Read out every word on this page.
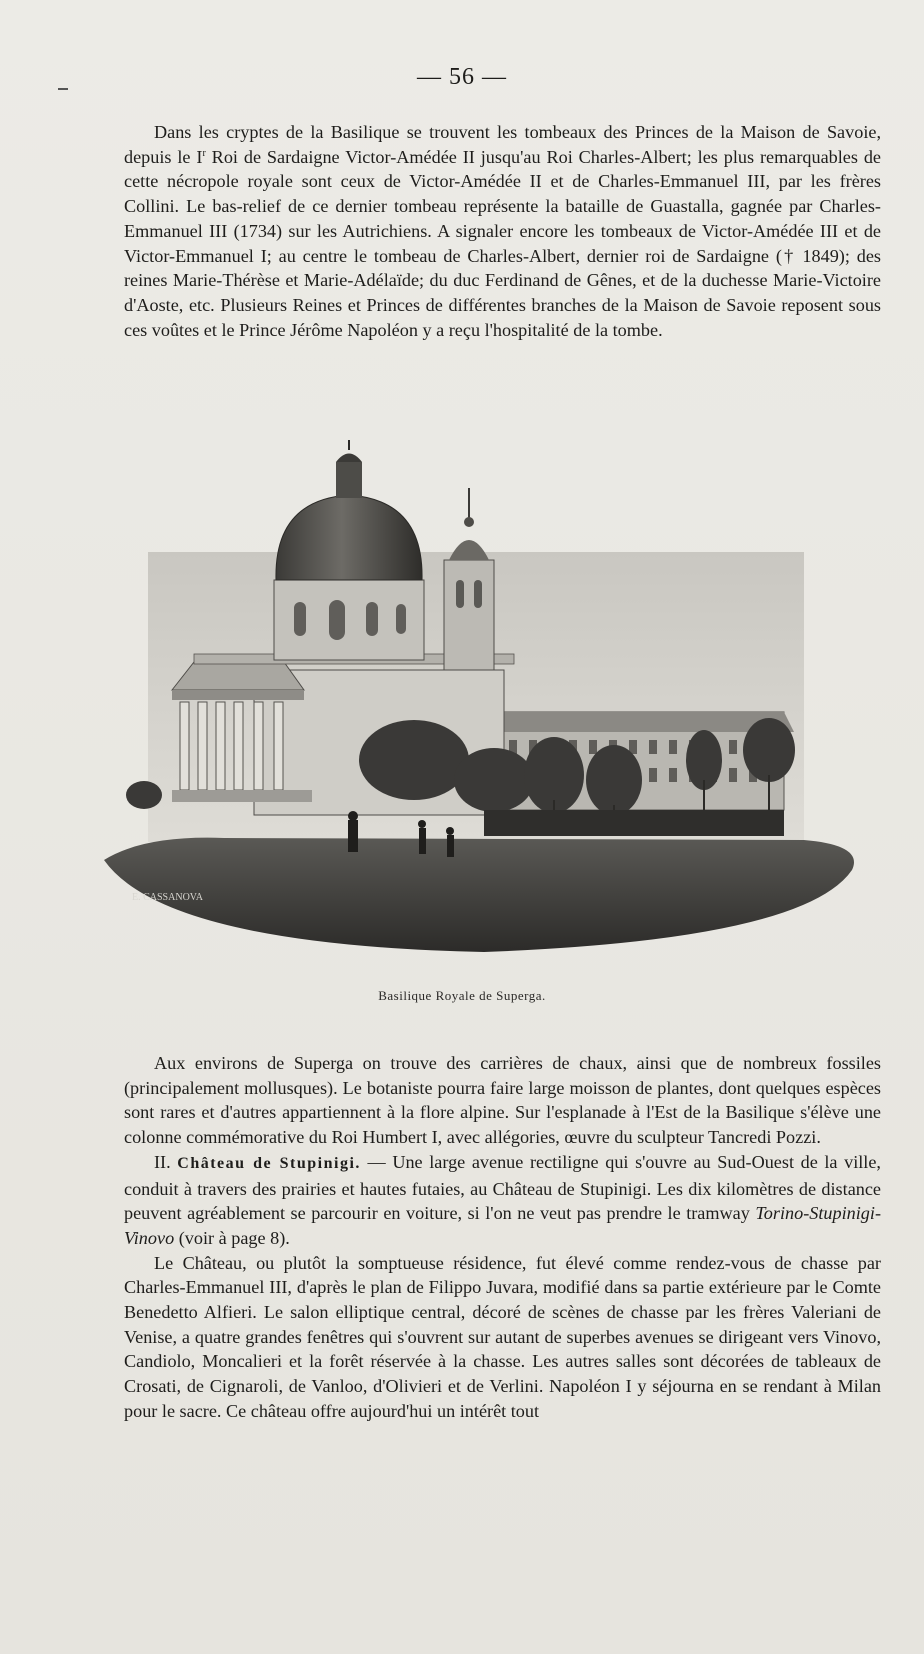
— 56 —

Dans les cryptes de la Basilique se trouvent les tombeaux des Princes de la Maison de Savoie, depuis le $I^r$ Roi de Sardaigne Victor-Amédée II jusqu'au Roi Charles-Albert; les plus remarquables de cette nécropole royale sont ceux de Victor-Amédée II et de Charles-Emmanuel III, par les frères Collini. Le bas-relief de ce dernier tombeau représente la bataille de Guastalla, gagnée par Charles-Emmanuel III (1734) sur les Autrichiens. A signaler encore les tombeaux de Victor-Amédée III et de Victor-Emmanuel I; au centre le tombeau de Charles-Albert, dernier roi de Sardaigne († 1849); des reines Marie-Thérèse et Marie-Adélaïde; du duc Ferdinand de Gênes, et de la duchesse Marie-Victoire d'Aoste, etc. Plusieurs Reines et Princes de différentes branches de la Maison de Savoie reposent sous ces voûtes et le Prince Jérôme Napoléon y a reçu l'hospitalité de la tombe.

E. CASSANOVA
Basilique Royale de Superga.

Aux environs de Superga on trouve des carrières de chaux, ainsi que de nombreux fossiles (principalement mollusques). Le botaniste pourra faire large moisson de plantes, dont quelques espèces sont rares et d'autres appartiennent à la flore alpine. Sur l'esplanade à l'Est de la Basilique s'élève une colonne commémorative du Roi Humbert I, avec allégories, œuvre du sculpteur Tancredi Pozzi.

II. Château de Stupinigi. — Une large avenue rectiligne qui s'ouvre au Sud-Ouest de la ville, conduit à travers des prairies et hautes futaies, au Château de Stupinigi. Les dix kilomètres de distance peuvent agréablement se parcourir en voiture, si l'on ne veut pas prendre le tramway Torino-Stupinigi-Vinovo (voir à page 8).

Le Château, ou plutôt la somptueuse résidence, fut élevé comme rendez-vous de chasse par Charles-Emmanuel III, d'après le plan de Filippo Juvara, modifié dans sa partie extérieure par le Comte Benedetto Alfieri. Le salon elliptique central, décoré de scènes de chasse par les frères Valeriani de Venise, a quatre grandes fenêtres qui s'ouvrent sur autant de superbes avenues se dirigeant vers Vinovo, Candiolo, Moncalieri et la forêt réservée à la chasse. Les autres salles sont décorées de tableaux de Crosati, de Cignaroli, de Vanloo, d'Olivieri et de Verlini. Napoléon I y séjourna en se rendant à Milan pour le sacre. Ce château offre aujourd'hui un intérêt tout
